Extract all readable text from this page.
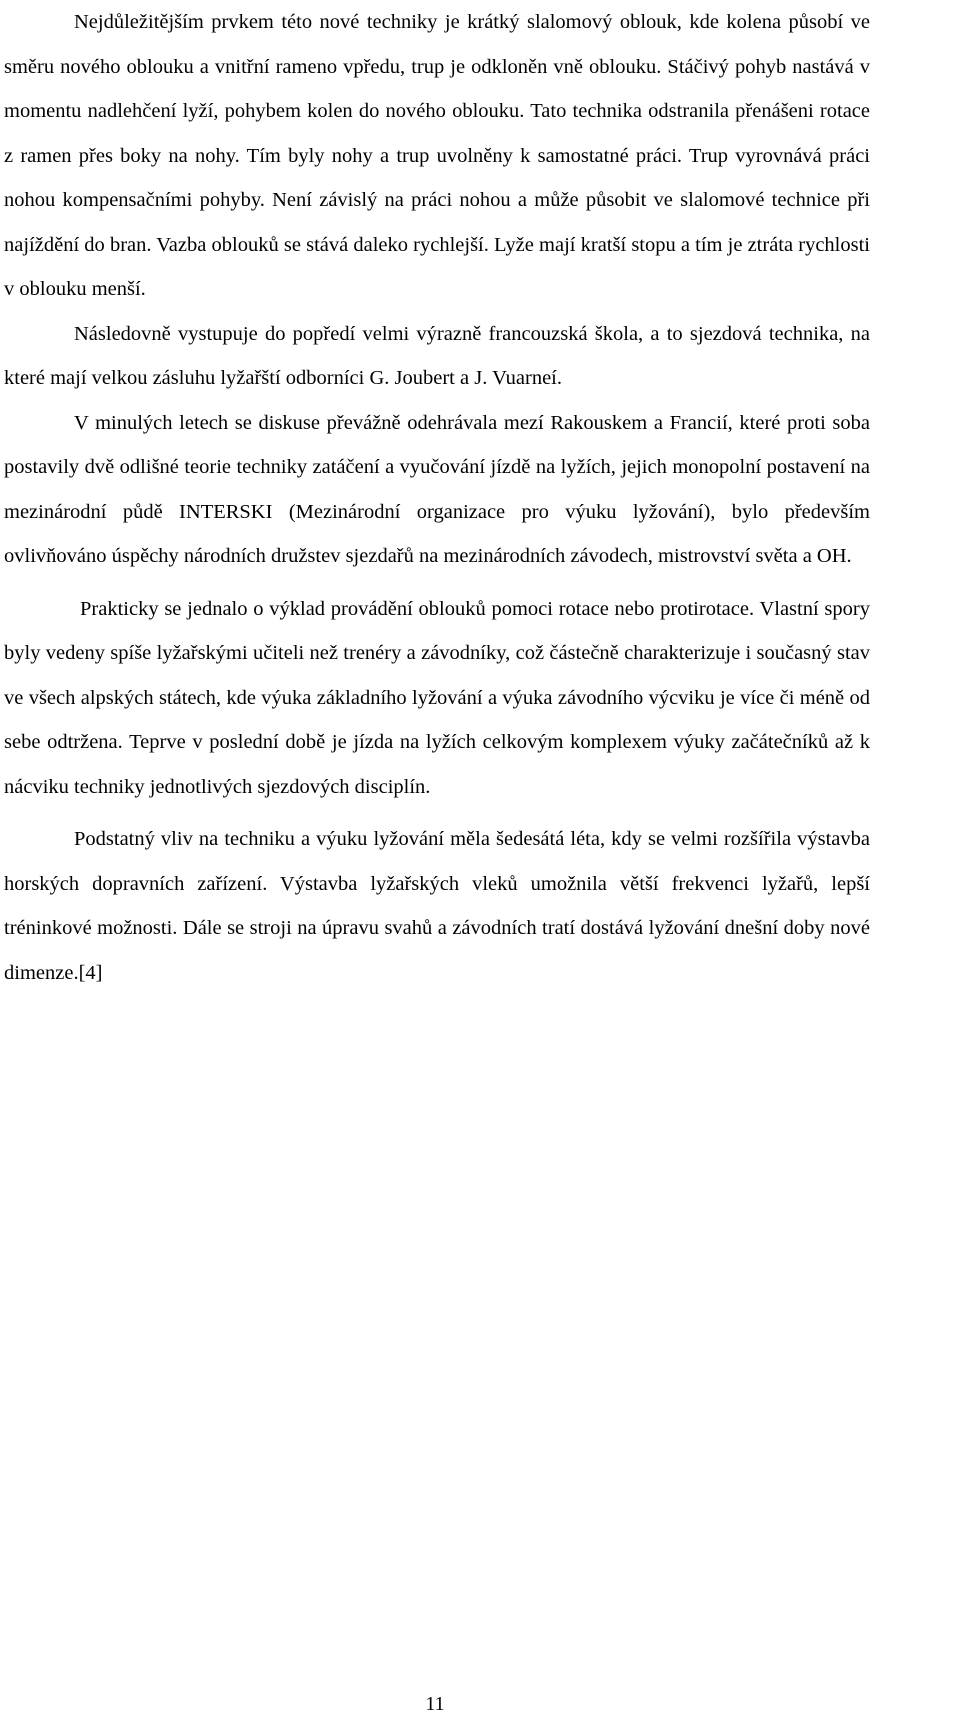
Nejdůležitějším prvkem této nové techniky je krátký slalomový oblouk, kde kolena působí ve směru nového oblouku a vnitřní rameno vpředu, trup je odkloněn vně oblouku. Stáčivý pohyb nastává v momentu nadlehčení lyží, pohybem kolen do nového oblouku. Tato technika odstranila přenášeni rotace z ramen přes boky na nohy. Tím byly nohy a trup uvolněny k samostatné práci. Trup vyrovnává práci nohou kompensačními pohyby. Není závislý na práci nohou a může působit ve slalomové technice při najíždění do bran. Vazba oblouků se stává daleko rychlejší. Lyže mají kratší stopu a tím je ztráta rychlosti v oblouku menší.

Následovně vystupuje do popředí velmi výrazně francouzská škola, a to sjezdová technika, na které mají velkou zásluhu lyžařští odborníci G. Joubert a J. Vuarneí.

V minulých letech se diskuse převážně odehrávala mezí Rakouskem a Francií, které proti soba postavily dvě odlišné teorie techniky zatáčení a vyučování jízdě na lyžích, jejich monopolní postavení na mezinárodní půdě INTERSKI (Mezinárodní organizace pro výuku lyžování), bylo především ovlivňováno úspěchy národních družstev sjezdařů na mezinárodních závodech, mistrovství světa a OH.

Prakticky se jednalo o výklad provádění oblouků pomoci rotace nebo protirotace. Vlastní spory byly vedeny spíše lyžařskými učiteli než trenéry a závodníky, což částečně charakterizuje i současný stav ve všech alpských státech, kde výuka základního lyžování a výuka závodního výcviku je více či méně od sebe odtržena. Teprve v poslední době je jízda na lyžích celkovým komplexem výuky začátečníků až k nácviku techniky jednotlivých sjezdových disciplín.

Podstatný vliv na techniku a výuku lyžování měla šedesátá léta, kdy se velmi rozšířila výstavba horských dopravních zařízení. Výstavba lyžařských vleků umožnila větší frekvenci lyžařů, lepší tréninkové možnosti. Dále se stroji na úpravu svahů a závodních tratí dostává lyžování dnešní doby nové dimenze.[4]

11
